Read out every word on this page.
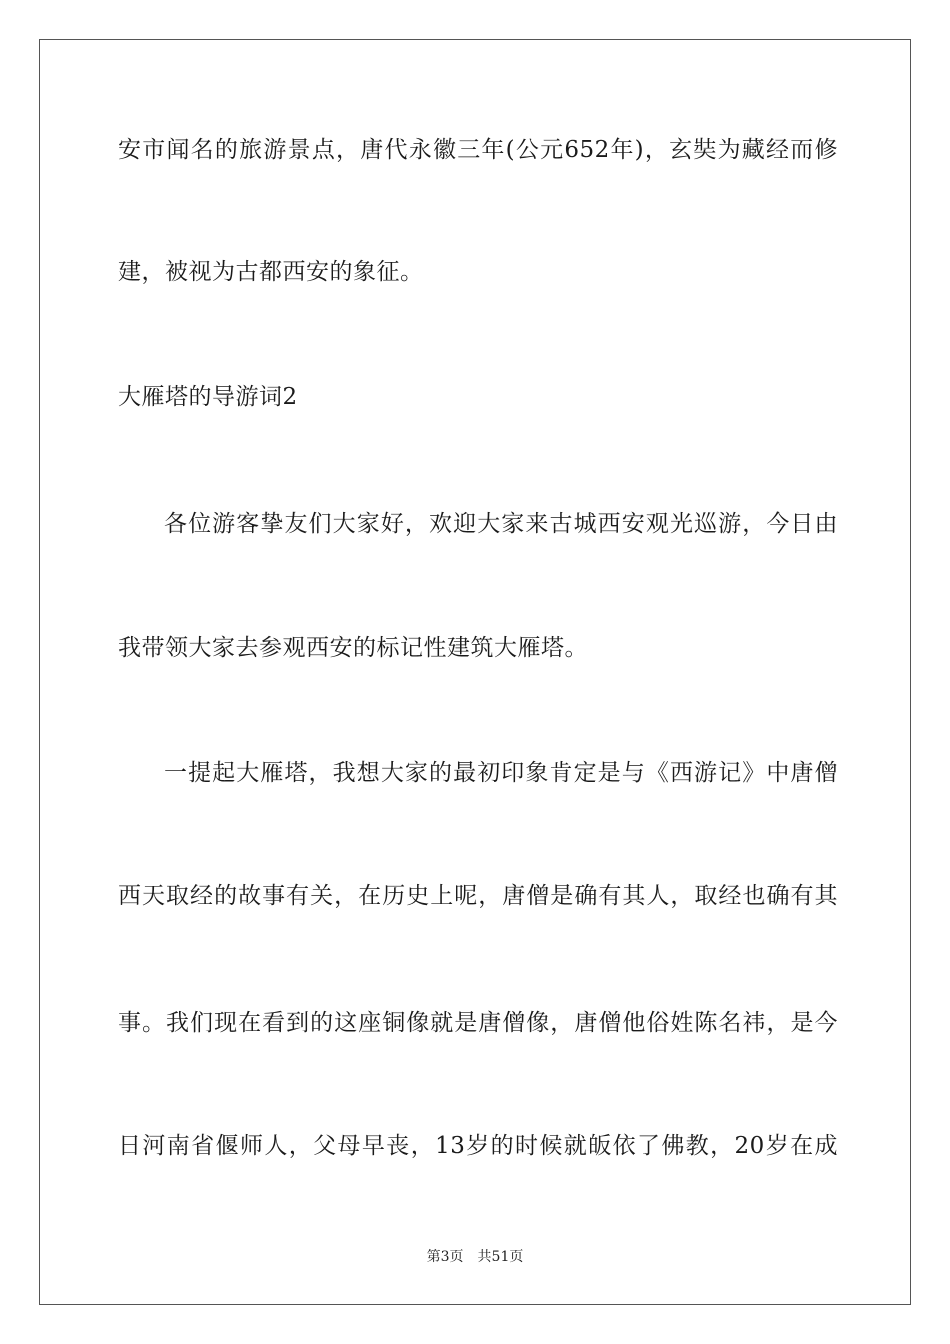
安市闻名的旅游景点，唐代永徽三年(公元652年)，玄奘为藏经而修
建，被视为古都西安的象征。
大雁塔的导游词2
各位游客挚友们大家好，欢迎大家来古城西安观光巡游，今日由
我带领大家去参观西安的标记性建筑大雁塔。
一提起大雁塔，我想大家的最初印象肯定是与《西游记》中唐僧
西天取经的故事有关，在历史上呢，唐僧是确有其人，取经也确有其
事。我们现在看到的这座铜像就是唐僧像，唐僧他俗姓陈名祎，是今
日河南省偃师人，父母早丧，13岁的时候就皈依了佛教，20岁在成
第3页 共51页
